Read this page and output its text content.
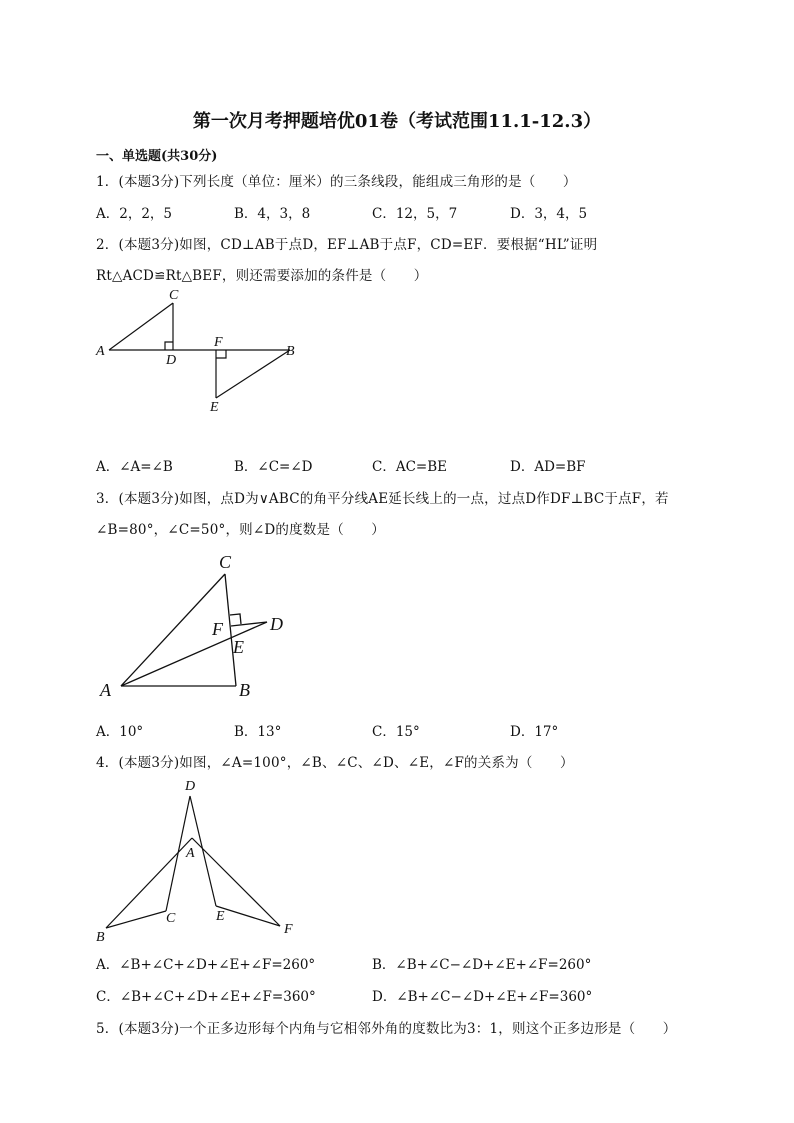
第一次月考押题培优01卷（考试范围11.1-12.3）
一、单选题(共30分)
1．(本题3分)下列长度（单位：厘米）的三条线段，能组成三角形的是（　　）
A．2，2，5	B．4，3，8	C．12，5，7	D．3，4，5
2．(本题3分)如图，CD⊥AB于点D，EF⊥AB于点F，CD=EF．要根据“HL”证明
Rt△ACD≌Rt△BEF，则还需要添加的条件是（　　）
A	B
C
D
E
F
A．∠A=∠B	B．∠C=∠D	C．AC=BE	D．AD=BF
3．(本题3分)如图，点D为∨ABC的角平分线AE延长线上的一点，过点D作DF⊥BC于点F，若
∠B=80°，∠C=50°，则∠D的度数是（　　）
A	B
C
D
E
F
A．10°	B．13°	C．15°	D．17°
4．(本题3分)如图，∠A=100°，∠B、∠C、∠D、∠E，∠F的关系为（　　）
D
A
B
C	E
F
A．∠B+∠C+∠D+∠E+∠F=260°	B．∠B+∠C−∠D+∠E+∠F=260°
C．∠B+∠C+∠D+∠E+∠F=360°	D．∠B+∠C−∠D+∠E+∠F=360°
5．(本题3分)一个正多边形每个内角与它相邻外角的度数比为3：1，则这个正多边形是（　　）
